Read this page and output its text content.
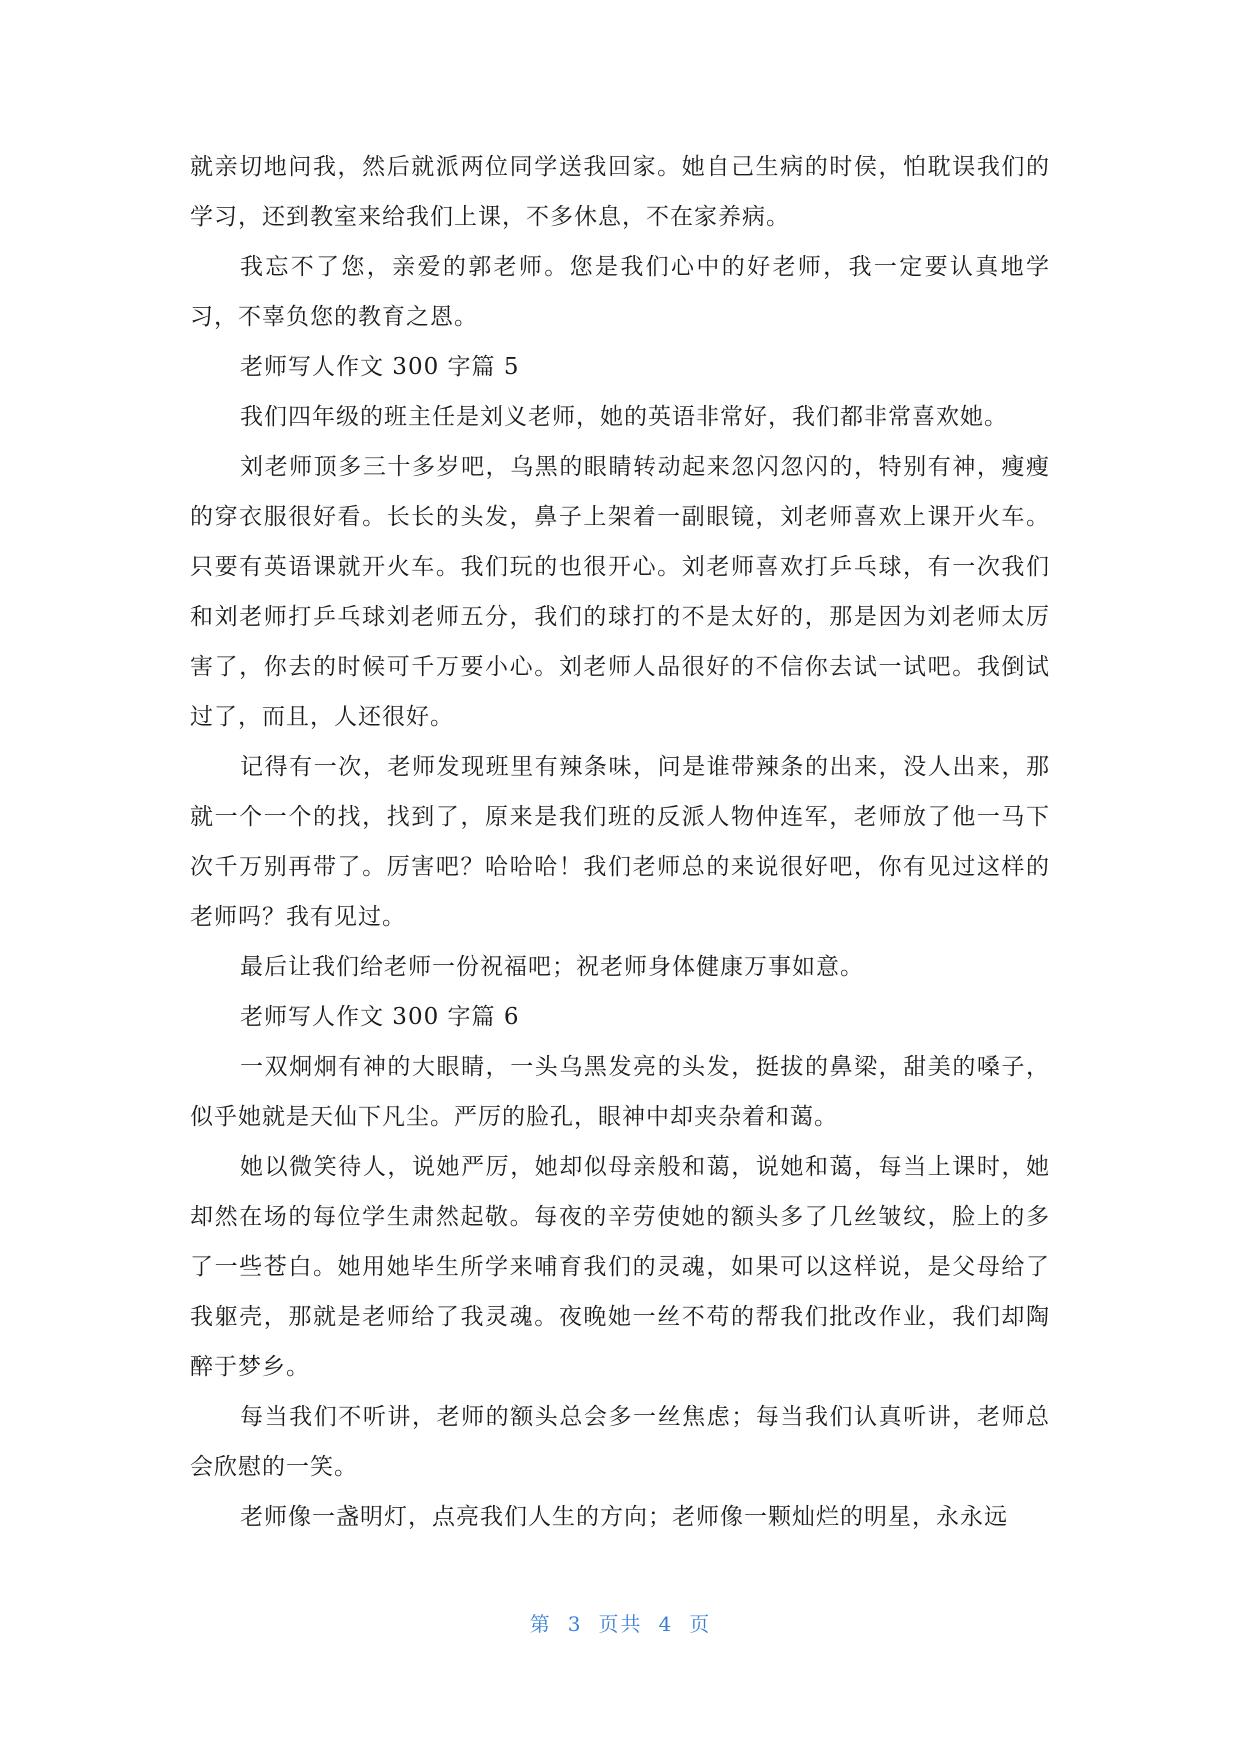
就亲切地问我，然后就派两位同学送我回家。她自己生病的时侯，怕耽误我们的学习，还到教室来给我们上课，不多休息，不在家养病。

我忘不了您，亲爱的郭老师。您是我们心中的好老师，我一定要认真地学习，不辜负您的教育之恩。

老师写人作文 300 字篇 5

我们四年级的班主任是刘义老师，她的英语非常好，我们都非常喜欢她。

刘老师顶多三十多岁吧，乌黑的眼睛转动起来忽闪忽闪的，特别有神，瘦瘦的穿衣服很好看。长长的头发，鼻子上架着一副眼镜，刘老师喜欢上课开火车。只要有英语课就开火车。我们玩的也很开心。刘老师喜欢打乒乓球，有一次我们和刘老师打乒乓球刘老师五分，我们的球打的不是太好的，那是因为刘老师太厉害了，你去的时候可千万要小心。刘老师人品很好的不信你去试一试吧。我倒试过了，而且，人还很好。

记得有一次，老师发现班里有辣条味，问是谁带辣条的出来，没人出来，那就一个一个的找，找到了，原来是我们班的反派人物仲连军，老师放了他一马下次千万别再带了。厉害吧？哈哈哈！我们老师总的来说很好吧，你有见过这样的老师吗？我有见过。

最后让我们给老师一份祝福吧；祝老师身体健康万事如意。

老师写人作文 300 字篇 6

一双炯炯有神的大眼睛，一头乌黑发亮的头发，挺拔的鼻梁，甜美的嗓子，似乎她就是天仙下凡尘。严厉的脸孔，眼神中却夹杂着和蔼。

她以微笑待人，说她严厉，她却似母亲般和蔼，说她和蔼，每当上课时，她却然在场的每位学生肃然起敬。每夜的辛劳使她的额头多了几丝皱纹，脸上的多了一些苍白。她用她毕生所学来哺育我们的灵魂，如果可以这样说，是父母给了我躯壳，那就是老师给了我灵魂。夜晚她一丝不苟的帮我们批改作业，我们却陶醉于梦乡。

每当我们不听讲，老师的额头总会多一丝焦虑；每当我们认真听讲，老师总会欣慰的一笑。

老师像一盏明灯，点亮我们人生的方向；老师像一颗灿烂的明星，永永远

第 3 页共 4 页
